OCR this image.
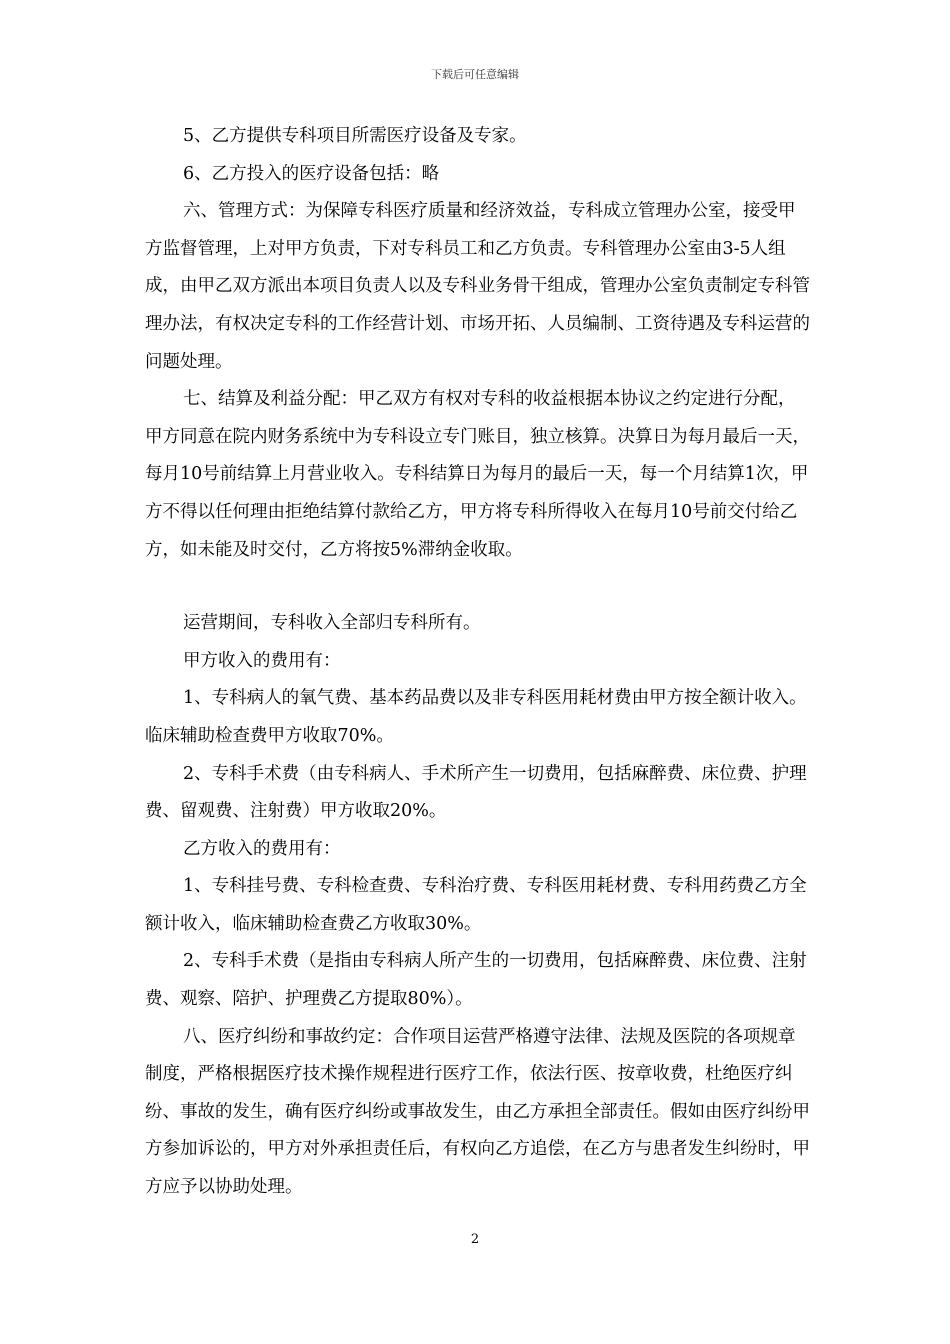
下载后可任意编辑

5、乙方提供专科项目所需医疗设备及专家。

6、乙方投入的医疗设备包括：略

六、管理方式：为保障专科医疗质量和经济效益，专科成立管理办公室，接受甲方监督管理，上对甲方负责，下对专科员工和乙方负责。专科管理办公室由3-5人组成，由甲乙双方派出本项目负责人以及专科业务骨干组成，管理办公室负责制定专科管理办法，有权决定专科的工作经营计划、市场开拓、人员编制、工资待遇及专科运营的问题处理。

七、结算及利益分配：甲乙双方有权对专科的收益根据本协议之约定进行分配，甲方同意在院内财务系统中为专科设立专门账目，独立核算。决算日为每月最后一天，每月10号前结算上月营业收入。专科结算日为每月的最后一天，每一个月结算1次，甲方不得以任何理由拒绝结算付款给乙方，甲方将专科所得收入在每月10号前交付给乙方，如未能及时交付，乙方将按5%滞纳金收取。

运营期间，专科收入全部归专科所有。

甲方收入的费用有：

1、专科病人的氧气费、基本药品费以及非专科医用耗材费由甲方按全额计收入。临床辅助检查费甲方收取70%。

2、专科手术费（由专科病人、手术所产生一切费用，包括麻醉费、床位费、护理费、留观费、注射费）甲方收取20%。

乙方收入的费用有：

1、专科挂号费、专科检查费、专科治疗费、专科医用耗材费、专科用药费乙方全额计收入，临床辅助检查费乙方收取30%。

2、专科手术费（是指由专科病人所产生的一切费用，包括麻醉费、床位费、注射费、观察、陪护、护理费乙方提取80%）。

八、医疗纠纷和事故约定：合作项目运营严格遵守法律、法规及医院的各项规章制度，严格根据医疗技术操作规程进行医疗工作，依法行医、按章收费，杜绝医疗纠纷、事故的发生，确有医疗纠纷或事故发生，由乙方承担全部责任。假如由医疗纠纷甲方参加诉讼的，甲方对外承担责任后，有权向乙方追偿，在乙方与患者发生纠纷时，甲方应予以协助处理。

2
